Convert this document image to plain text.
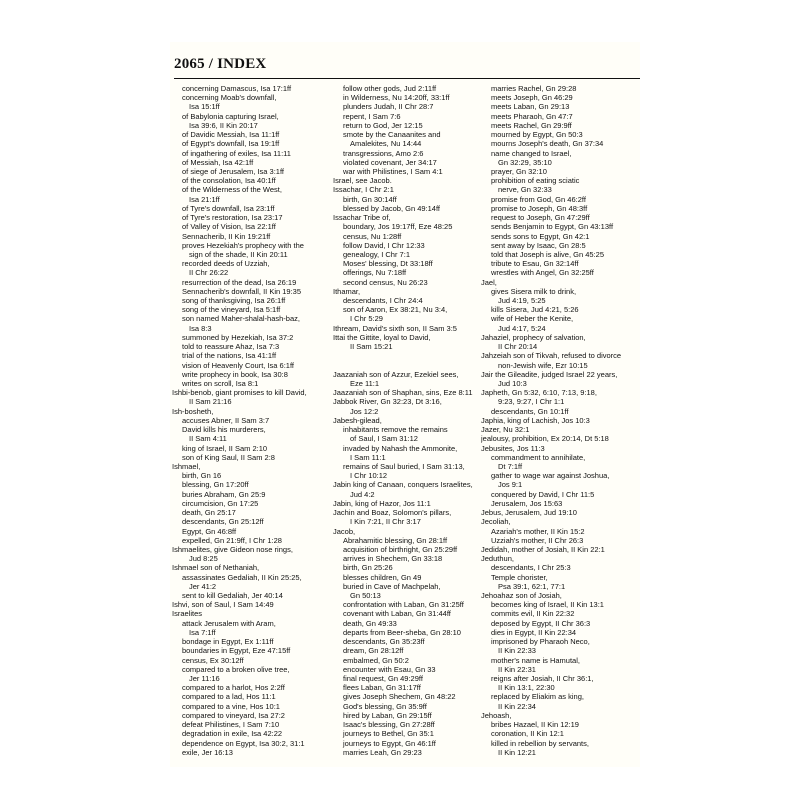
2065 / INDEX
concerning Damascus, Isa 17:1ff
concerning Moab's downfall,
Isa 15:1ff
of Babylonia capturing Israel,
Isa 39:6, II Kin 20:17
of Davidic Messiah, Isa 11:1ff
of Egypt's downfall, Isa 19:1ff
of ingathering of exiles, Isa 11:11
of Messiah, Isa 42:1ff
of siege of Jerusalem, Isa 3:1ff
of the consolation, Isa 40:1ff
of the Wilderness of the West,
Isa 21:1ff
of Tyre's downfall, Isa 23:1ff
of Tyre's restoration, Isa 23:17
of Valley of Vision, Isa 22:1ff
Sennacherib, II Kin 19:21ff
proves Hezekiah's prophecy with the
sign of the shade, II Kin 20:11
recorded deeds of Uzziah,
II Chr 26:22
resurrection of the dead, Isa 26:19
Sennacherib's downfall, II Kin 19:35
song of thanksgiving, Isa 26:1ff
song of the vineyard, Isa 5:1ff
son named Maher-shalal-hash-baz,
Isa 8:3
summoned by Hezekiah, Isa 37:2
told to reassure Ahaz, Isa 7:3
trial of the nations, Isa 41:1ff
vision of Heavenly Court, Isa 6:1ff
write prophecy in book, Isa 30:8
writes on scroll, Isa 8:1
Ishbi-benob, giant promises to kill David,
II Sam 21:16
Ish-bosheth,
accuses Abner, II Sam 3:7
David kills his murderers,
II Sam 4:11
king of Israel, II Sam 2:10
son of King Saul, II Sam 2:8
Ishmael,
birth, Gn 16
blessing, Gn 17:20ff
buries Abraham, Gn 25:9
circumcision, Gn 17:25
death, Gn 25:17
descendants, Gn 25:12ff
Egypt, Gn 46:8ff
expelled, Gn 21:9ff, I Chr 1:28
Ishmaelites, give Gideon nose rings,
Jud 8:25
Ishmael son of Nethaniah,
assassinates Gedaliah, II Kin 25:25,
Jer 41:2
sent to kill Gedaliah, Jer 40:14
Ishvi, son of Saul, I Sam 14:49
Israelites
attack Jerusalem with Aram,
Isa 7:1ff
bondage in Egypt, Ex 1:11ff
boundaries in Egypt, Eze 47:15ff
census, Ex 30:12ff
compared to a broken olive tree,
Jer 11:16
compared to a harlot, Hos 2:2ff
compared to a lad, Hos 11:1
compared to a vine, Hos 10:1
compared to vineyard, Isa 27:2
defeat Philistines, I Sam 7:10
degradation in exile, Isa 42:22
dependence on Egypt, Isa 30:2, 31:1
exile, Jer 16:13
follow other gods, Jud 2:11ff
in Wilderness, Nu 14:20ff, 33:1ff
plunders Judah, II Chr 28:7
repent, I Sam 7:6
return to God, Jer 12:15
smote by the Canaanites and
Amalekites, Nu 14:44
transgressions, Amo 2:6
violated covenant, Jer 34:17
war with Philistines, I Sam 4:1
Israel, see Jacob.
Issachar, I Chr 2:1
birth, Gn 30:14ff
blessed by Jacob, Gn 49:14ff
Issachar Tribe of,
boundary, Jos 19:17ff, Eze 48:25
census, Nu 1:28ff
follow David, I Chr 12:33
genealogy, I Chr 7:1
Moses' blessing, Dt 33:18ff
offerings, Nu 7:18ff
second census, Nu 26:23
Ithamar,
descendants, I Chr 24:4
son of Aaron, Ex 38:21, Nu 3:4,
I Chr 5:29
Ithream, David's sixth son, II Sam 3:5
Ittai the Gittite, loyal to David,
II Sam 15:21
Jaazaniah son of Azzur, Ezekiel sees,
Eze 11:1
Jaazaniah son of Shaphan, sins, Eze 8:11
Jabbok River, Gn 32:23, Dt 3:16,
Jos 12:2
Jabesh-gilead,
inhabitants remove the remains
of Saul, I Sam 31:12
invaded by Nahash the Ammonite,
I Sam 11:1
remains of Saul buried, I Sam 31:13,
I Chr 10:12
Jabin king of Canaan, conquers Israelites,
Jud 4:2
Jabin, king of Hazor, Jos 11:1
Jachin and Boaz, Solomon's pillars,
I Kin 7:21, II Chr 3:17
Jacob,
Abrahamitic blessing, Gn 28:1ff
acquisition of birthright, Gn 25:29ff
arrives in Shechem, Gn 33:18
birth, Gn 25:26
blesses children, Gn 49
buried in Cave of Machpelah,
Gn 50:13
confrontation with Laban, Gn 31:25ff
covenant with Laban, Gn 31:44ff
death, Gn 49:33
departs from Beer-sheba, Gn 28:10
descendants, Gn 35:23ff
dream, Gn 28:12ff
embalmed, Gn 50:2
encounter with Esau, Gn 33
final request, Gn 49:29ff
flees Laban, Gn 31:17ff
gives Joseph Shechem, Gn 48:22
God's blessing, Gn 35:9ff
hired by Laban, Gn 29:15ff
Isaac's blessing, Gn 27:28ff
journeys to Bethel, Gn 35:1
journeys to Egypt, Gn 46:1ff
marries Leah, Gn 29:23
marries Rachel, Gn 29:28
meets Joseph, Gn 46:29
meets Laban, Gn 29:13
meets Pharaoh, Gn 47:7
meets Rachel, Gn 29:9ff
mourned by Egypt, Gn 50:3
mourns Joseph's death, Gn 37:34
name changed to Israel,
Gn 32:29, 35:10
prayer, Gn 32:10
prohibition of eating sciatic
nerve, Gn 32:33
promise from God, Gn 46:2ff
promise to Joseph, Gn 48:3ff
request to Joseph, Gn 47:29ff
sends Benjamin to Egypt, Gn 43:13ff
sends sons to Egypt, Gn 42:1
sent away by Isaac, Gn 28:5
told that Joseph is alive, Gn 45:25
tribute to Esau, Gn 32:14ff
wrestles with Angel, Gn 32:25ff
Jael,
gives Sisera milk to drink,
Jud 4:19, 5:25
kills Sisera, Jud 4:21, 5:26
wife of Heber the Kenite,
Jud 4:17, 5:24
Jahaziel, prophecy of salvation,
II Chr 20:14
Jahzeiah son of Tikvah, refused to divorce
non-Jewish wife, Ezr 10:15
Jair the Gileadite, judged Israel 22 years,
Jud 10:3
Japheth, Gn 5:32, 6:10, 7:13, 9:18,
9:23, 9:27, I Chr 1:1
descendants, Gn 10:1ff
Japhia, king of Lachish, Jos 10:3
Jazer, Nu 32:1
jealousy, prohibition, Ex 20:14, Dt 5:18
Jebusites, Jos 11:3
commandment to annihilate,
Dt 7:1ff
gather to wage war against Joshua,
Jos 9:1
conquered by David, I Chr 11:5
Jerusalem, Jos 15:63
Jebus, Jerusalem, Jud 19:10
Jecoliah,
Azariah's mother, II Kin 15:2
Uzziah's mother, II Chr 26:3
Jedidah, mother of Josiah, II Kin 22:1
Jeduthun,
descendants, I Chr 25:3
Temple chorister,
Psa 39:1, 62:1, 77:1
Jehoahaz son of Josiah,
becomes king of Israel, II Kin 13:1
commits evil, II Kin 22:32
deposed by Egypt, II Chr 36:3
dies in Egypt, II Kin 22:34
imprisoned by Pharaoh Neco,
II Kin 22:33
mother's name is Hamutal,
II Kin 22:31
reigns after Josiah, II Chr 36:1,
II Kin 13:1, 22:30
replaced by Eliakim as king,
II Kin 22:34
Jehoash,
bribes Hazael, II Kin 12:19
coronation, II Kin 12:1
killed in rebellion by servants,
II Kin 12:21
